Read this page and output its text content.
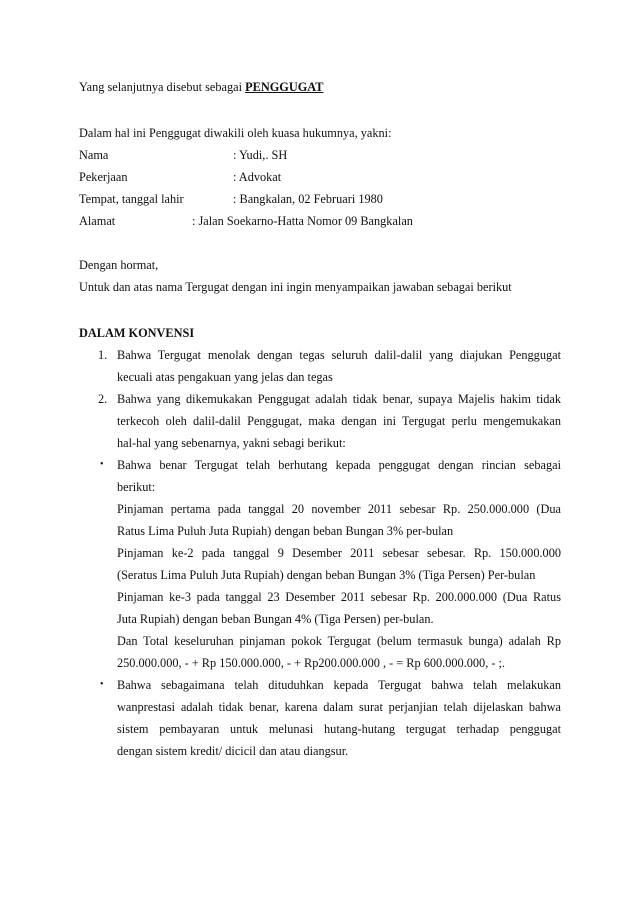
Yang selanjutnya disebut sebagai PENGGUGAT
Dalam hal ini Penggugat diwakili oleh kuasa hukumnya, yakni:
Nama	: Yudi,. SH
Pekerjaan	: Advokat
Tempat, tanggal lahir	: Bangkalan, 02 Februari 1980
Alamat	: Jalan Soekarno-Hatta Nomor 09 Bangkalan
Dengan hormat,
Untuk dan atas nama Tergugat dengan ini ingin menyampaikan jawaban sebagai berikut
DALAM KONVENSI
1. Bahwa Tergugat menolak dengan tegas seluruh dalil-dalil yang diajukan Penggugat
kecuali atas pengakuan yang jelas dan tegas
2. Bahwa yang dikemukakan Penggugat adalah tidak benar, supaya Majelis hakim tidak
terkecoh oleh dalil-dalil Penggugat, maka dengan ini Tergugat perlu mengemukakan
hal-hal yang sebenarnya, yakni sebagi berikut:
• Bahwa benar Tergugat telah berhutang kepada penggugat dengan rincian sebagai
berikut:
Pinjaman pertama pada tanggal 20 november 2011 sebesar Rp. 250.000.000 (Dua
Ratus Lima Puluh Juta Rupiah) dengan beban Bungan 3% per-bulan
Pinjaman ke-2 pada tanggal 9 Desember 2011 sebesar sebesar. Rp. 150.000.000
(Seratus Lima Puluh Juta Rupiah) dengan beban Bungan 3% (Tiga Persen) Per-bulan
Pinjaman ke-3 pada tanggal 23 Desember 2011 sebesar Rp. 200.000.000 (Dua Ratus
Juta Rupiah) dengan beban Bungan 4% (Tiga Persen) per-bulan.
Dan Total keseluruhan pinjaman pokok Tergugat (belum termasuk bunga) adalah Rp
250.000.000, - + Rp 150.000.000, - + Rp200.000.000 , - = Rp 600.000.000, - ;.
• Bahwa sebagaimana telah dituduhkan kepada Tergugat bahwa telah melakukan
wanprestasi adalah tidak benar, karena dalam surat perjanjian telah dijelaskan bahwa
sistem pembayaran untuk melunasi hutang-hutang tergugat terhadap penggugat
dengan sistem kredit/ dicicil dan atau diangsur.
